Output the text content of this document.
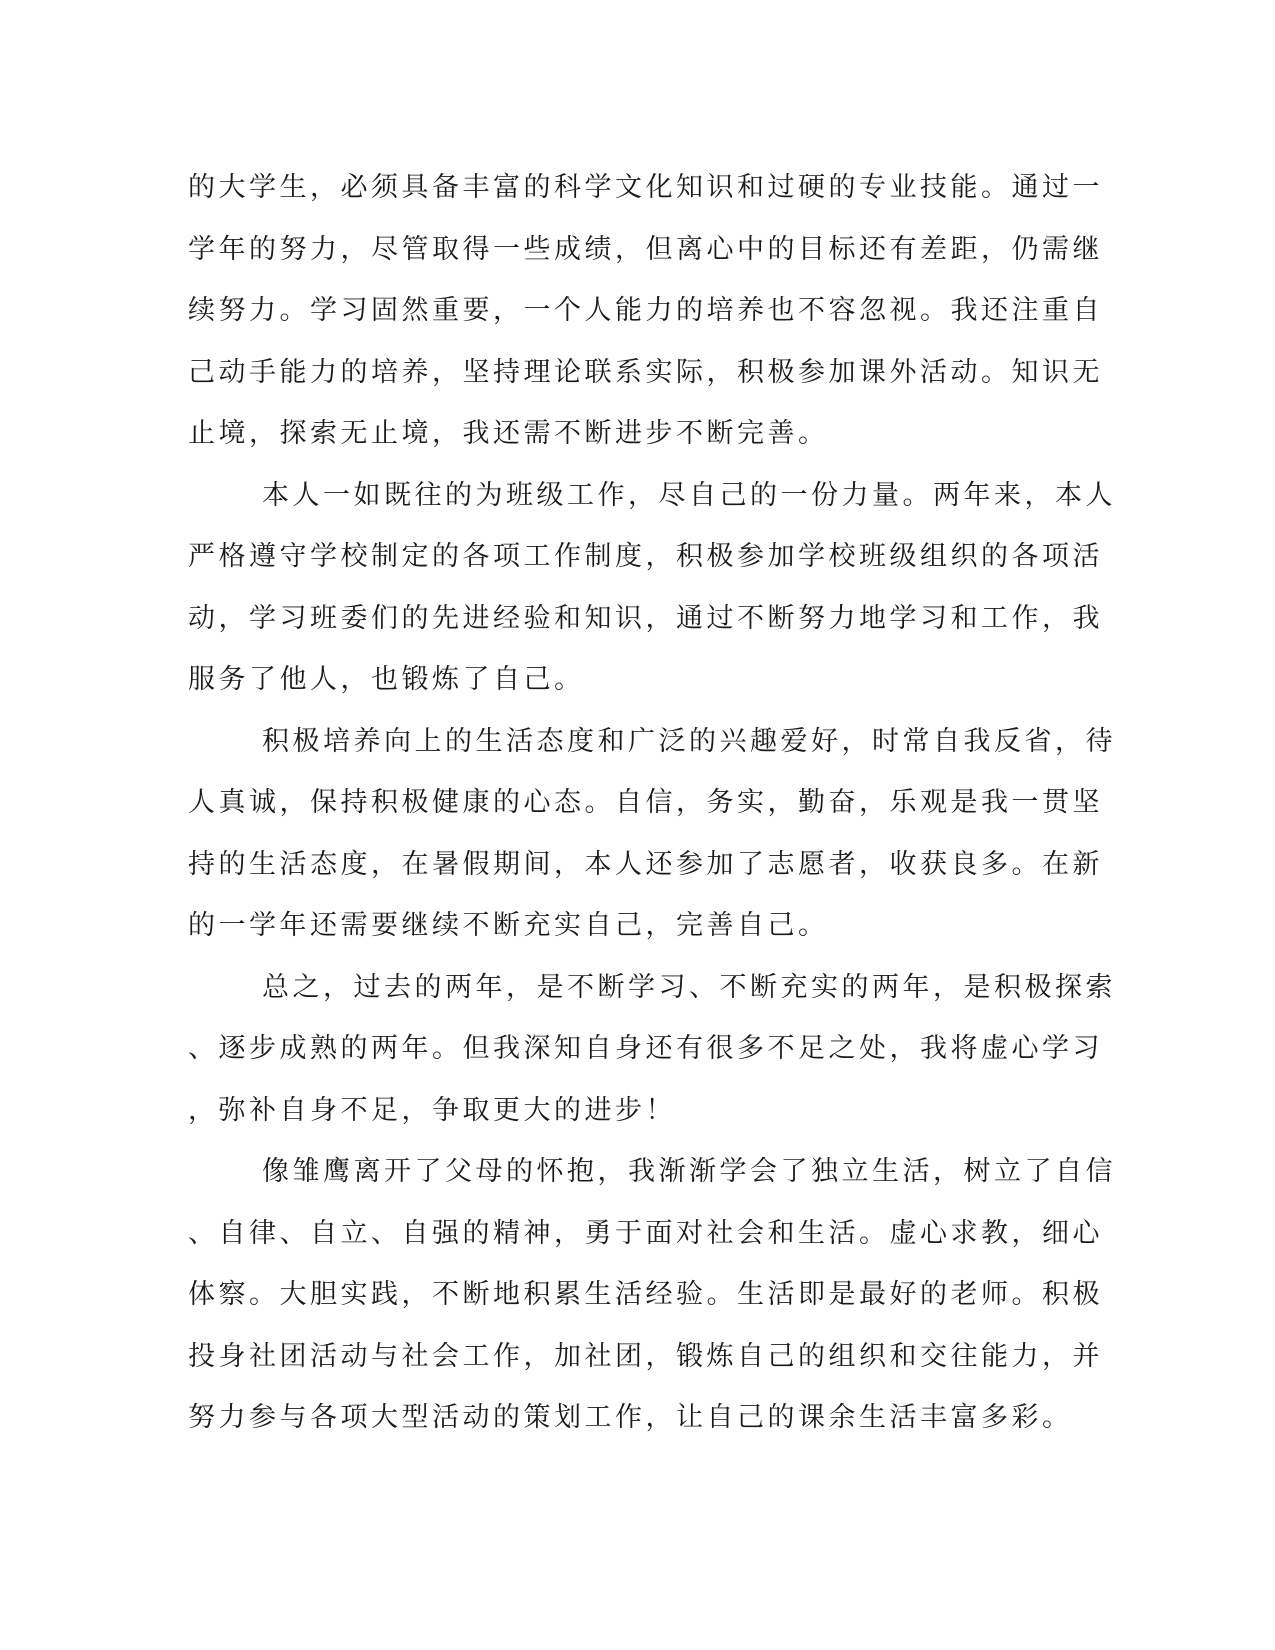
的大学生，必须具备丰富的科学文化知识和过硬的专业技能。通过一
学年的努力，尽管取得一些成绩，但离心中的目标还有差距，仍需继
续努力。学习固然重要，一个人能力的培养也不容忽视。我还注重自
己动手能力的培养，坚持理论联系实际，积极参加课外活动。知识无
止境，探索无止境，我还需不断进步不断完善。
本人一如既往的为班级工作，尽自己的一份力量。两年来，本人
严格遵守学校制定的各项工作制度，积极参加学校班级组织的各项活
动，学习班委们的先进经验和知识，通过不断努力地学习和工作，我
服务了他人，也锻炼了自己。
积极培养向上的生活态度和广泛的兴趣爱好，时常自我反省，待
人真诚，保持积极健康的心态。自信，务实，勤奋，乐观是我一贯坚
持的生活态度，在暑假期间，本人还参加了志愿者，收获良多。在新
的一学年还需要继续不断充实自己，完善自己。
总之，过去的两年，是不断学习、不断充实的两年，是积极探索
、逐步成熟的两年。但我深知自身还有很多不足之处，我将虚心学习
，弥补自身不足，争取更大的进步！
像雏鹰离开了父母的怀抱，我渐渐学会了独立生活，树立了自信
、自律、自立、自强的精神，勇于面对社会和生活。虚心求教，细心
体察。大胆实践，不断地积累生活经验。生活即是最好的老师。积极
投身社团活动与社会工作，加社团，锻炼自己的组织和交往能力，并
努力参与各项大型活动的策划工作，让自己的课余生活丰富多彩。
